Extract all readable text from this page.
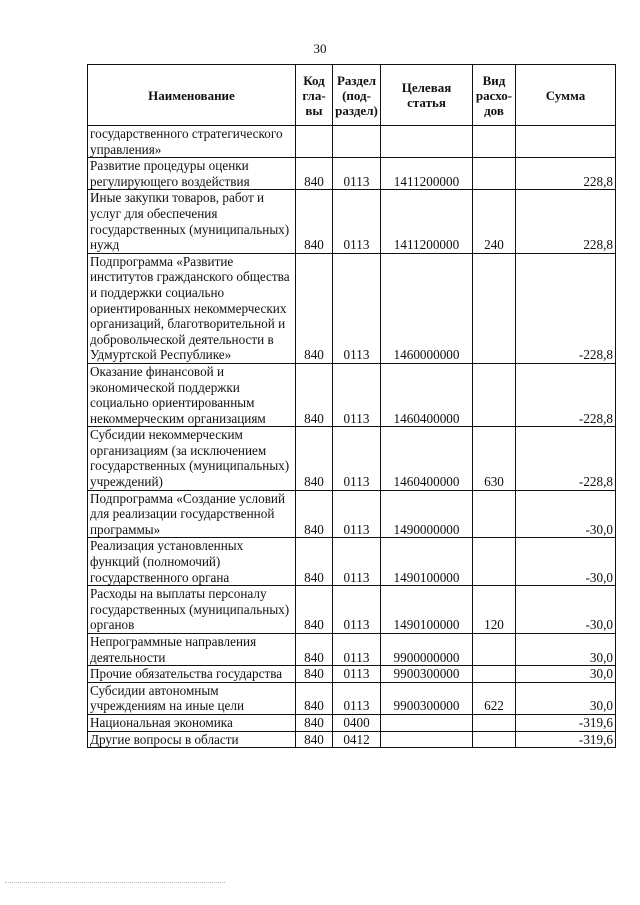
30
Наименование	Код гла-вы	Раздел (под-раздел)	Целевая статья	Вид расхо-дов	Сумма
государственного стратегического управления»					
Развитие процедуры оценки регулирующего воздействия	840	0113	1411200000		228,8
Иные закупки товаров, работ и услуг для обеспечения государственных (муниципальных) нужд	840	0113	1411200000	240	228,8
Подпрограмма «Развитие институтов гражданского общества и поддержки социально ориентированных некоммерческих организаций, благотворительной и добровольческой деятельности в Удмуртской Республике»	840	0113	1460000000		-228,8
Оказание финансовой и экономической поддержки социально ориентированным некоммерческим организациям	840	0113	1460400000		-228,8
Субсидии некоммерческим организациям (за исключением государственных (муниципальных) учреждений)	840	0113	1460400000	630	-228,8
Подпрограмма «Создание условий для реализации государственной программы»	840	0113	1490000000		-30,0
Реализация установленных функций (полномочий) государственного органа	840	0113	1490100000		-30,0
Расходы на выплаты персоналу государственных (муниципальных) органов	840	0113	1490100000	120	-30,0
Непрограммные направления деятельности	840	0113	9900000000		30,0
Прочие обязательства государства	840	0113	9900300000		30,0
Субсидии автономным учреждениям на иные цели	840	0113	9900300000	622	30,0
Национальная экономика	840	0400			-319,6
Другие вопросы в области	840	0412			-319,6
